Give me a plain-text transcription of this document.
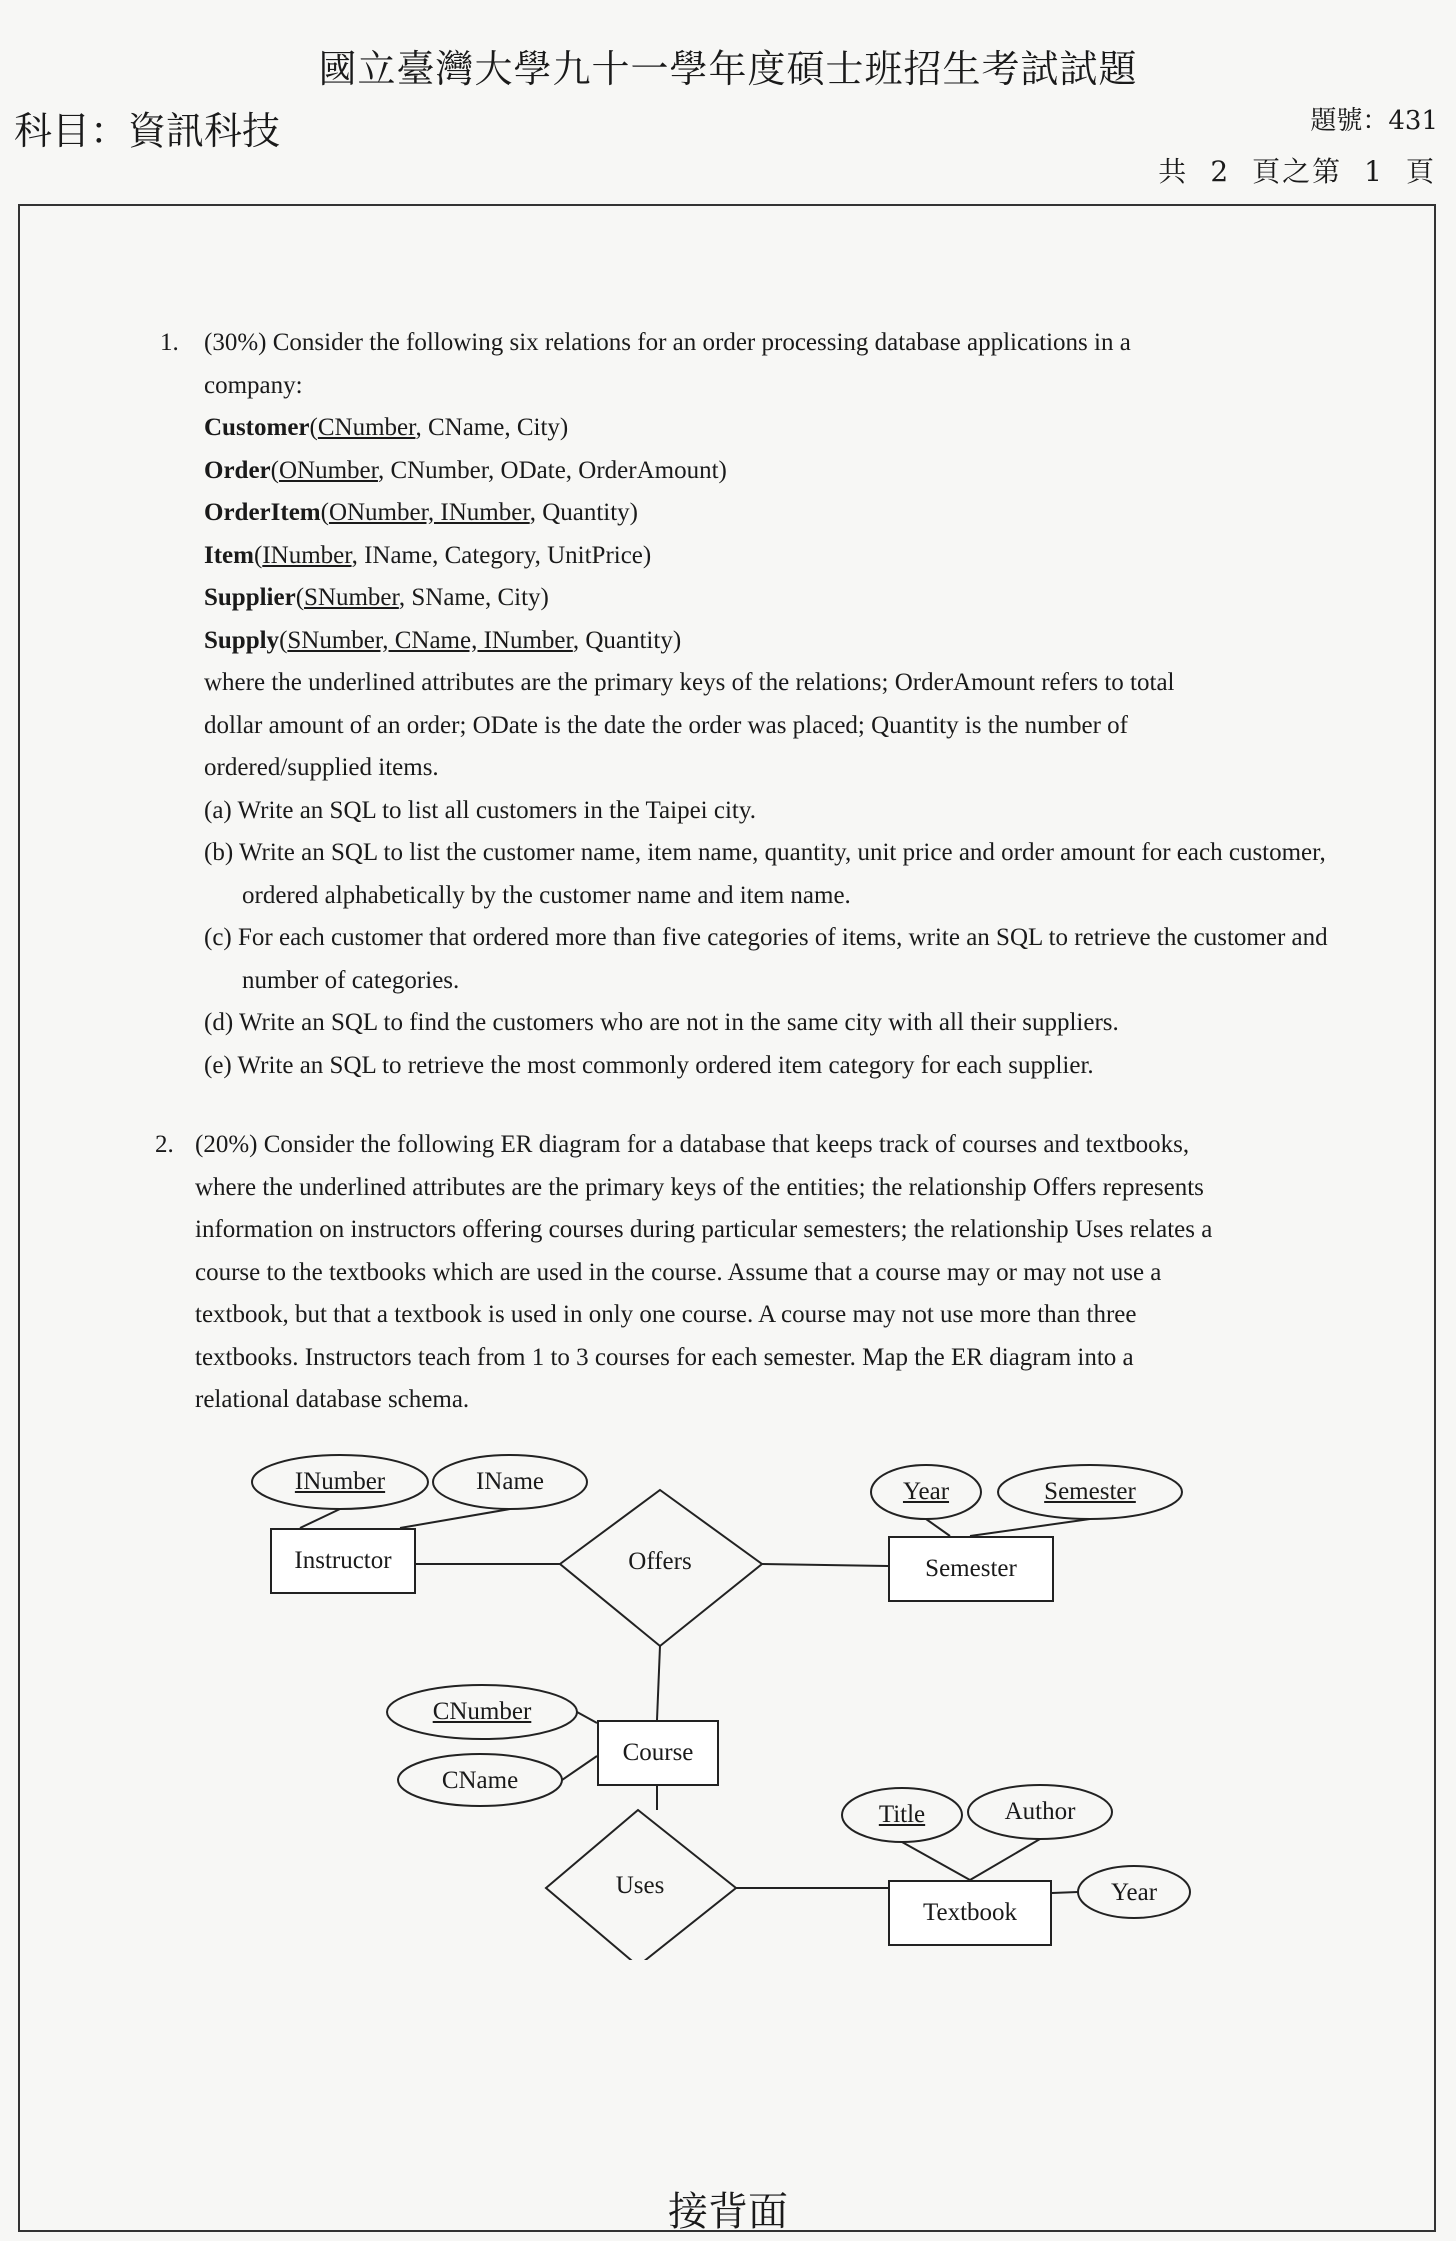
國立臺灣大學九十一學年度碩士班招生考試試題
科目：資訊科技	題號：431
共 2 頁之第 1 頁
1. (30%) Consider the following six relations for an order processing database applications in a

company:

Customer(CNumber, CName, City)

Order(ONumber, CNumber, ODate, OrderAmount)

OrderItem(ONumber, INumber, Quantity)

Item(INumber, IName, Category, UnitPrice)

Supplier(SNumber, SName, City)

Supply(SNumber, CName, INumber, Quantity)

where the underlined attributes are the primary keys of the relations; OrderAmount refers to total

dollar amount of an order; ODate is the date the order was placed; Quantity is the number of

ordered/supplied items.

(a) Write an SQL to list all customers in the Taipei city.

(b) Write an SQL to list the customer name, item name, quantity, unit price and order amount for each customer, ordered alphabetically by the customer name and item name.

(c) For each customer that ordered more than five categories of items, write an SQL to retrieve the customer and number of categories.

(d) Write an SQL to find the customers who are not in the same city with all their suppliers.

(e) Write an SQL to retrieve the most commonly ordered item category for each supplier.

2. (20%) Consider the following ER diagram for a database that keeps track of courses and textbooks,

where the underlined attributes are the primary keys of the entities; the relationship Offers represents

information on instructors offering courses during particular semesters; the relationship Uses relates a

course to the textbooks which are used in the course. Assume that a course may or may not use a

textbook, but that a textbook is used in only one course. A course may not use more than three

textbooks. Instructors teach from 1 to 3 courses for each semester. Map the ER diagram into a

relational database schema.

Instructor	Semester
Course
Textbook
Offers
Uses
INumber	IName	Year	Semester
CNumber
CName
Title	Author
Year
接背面
